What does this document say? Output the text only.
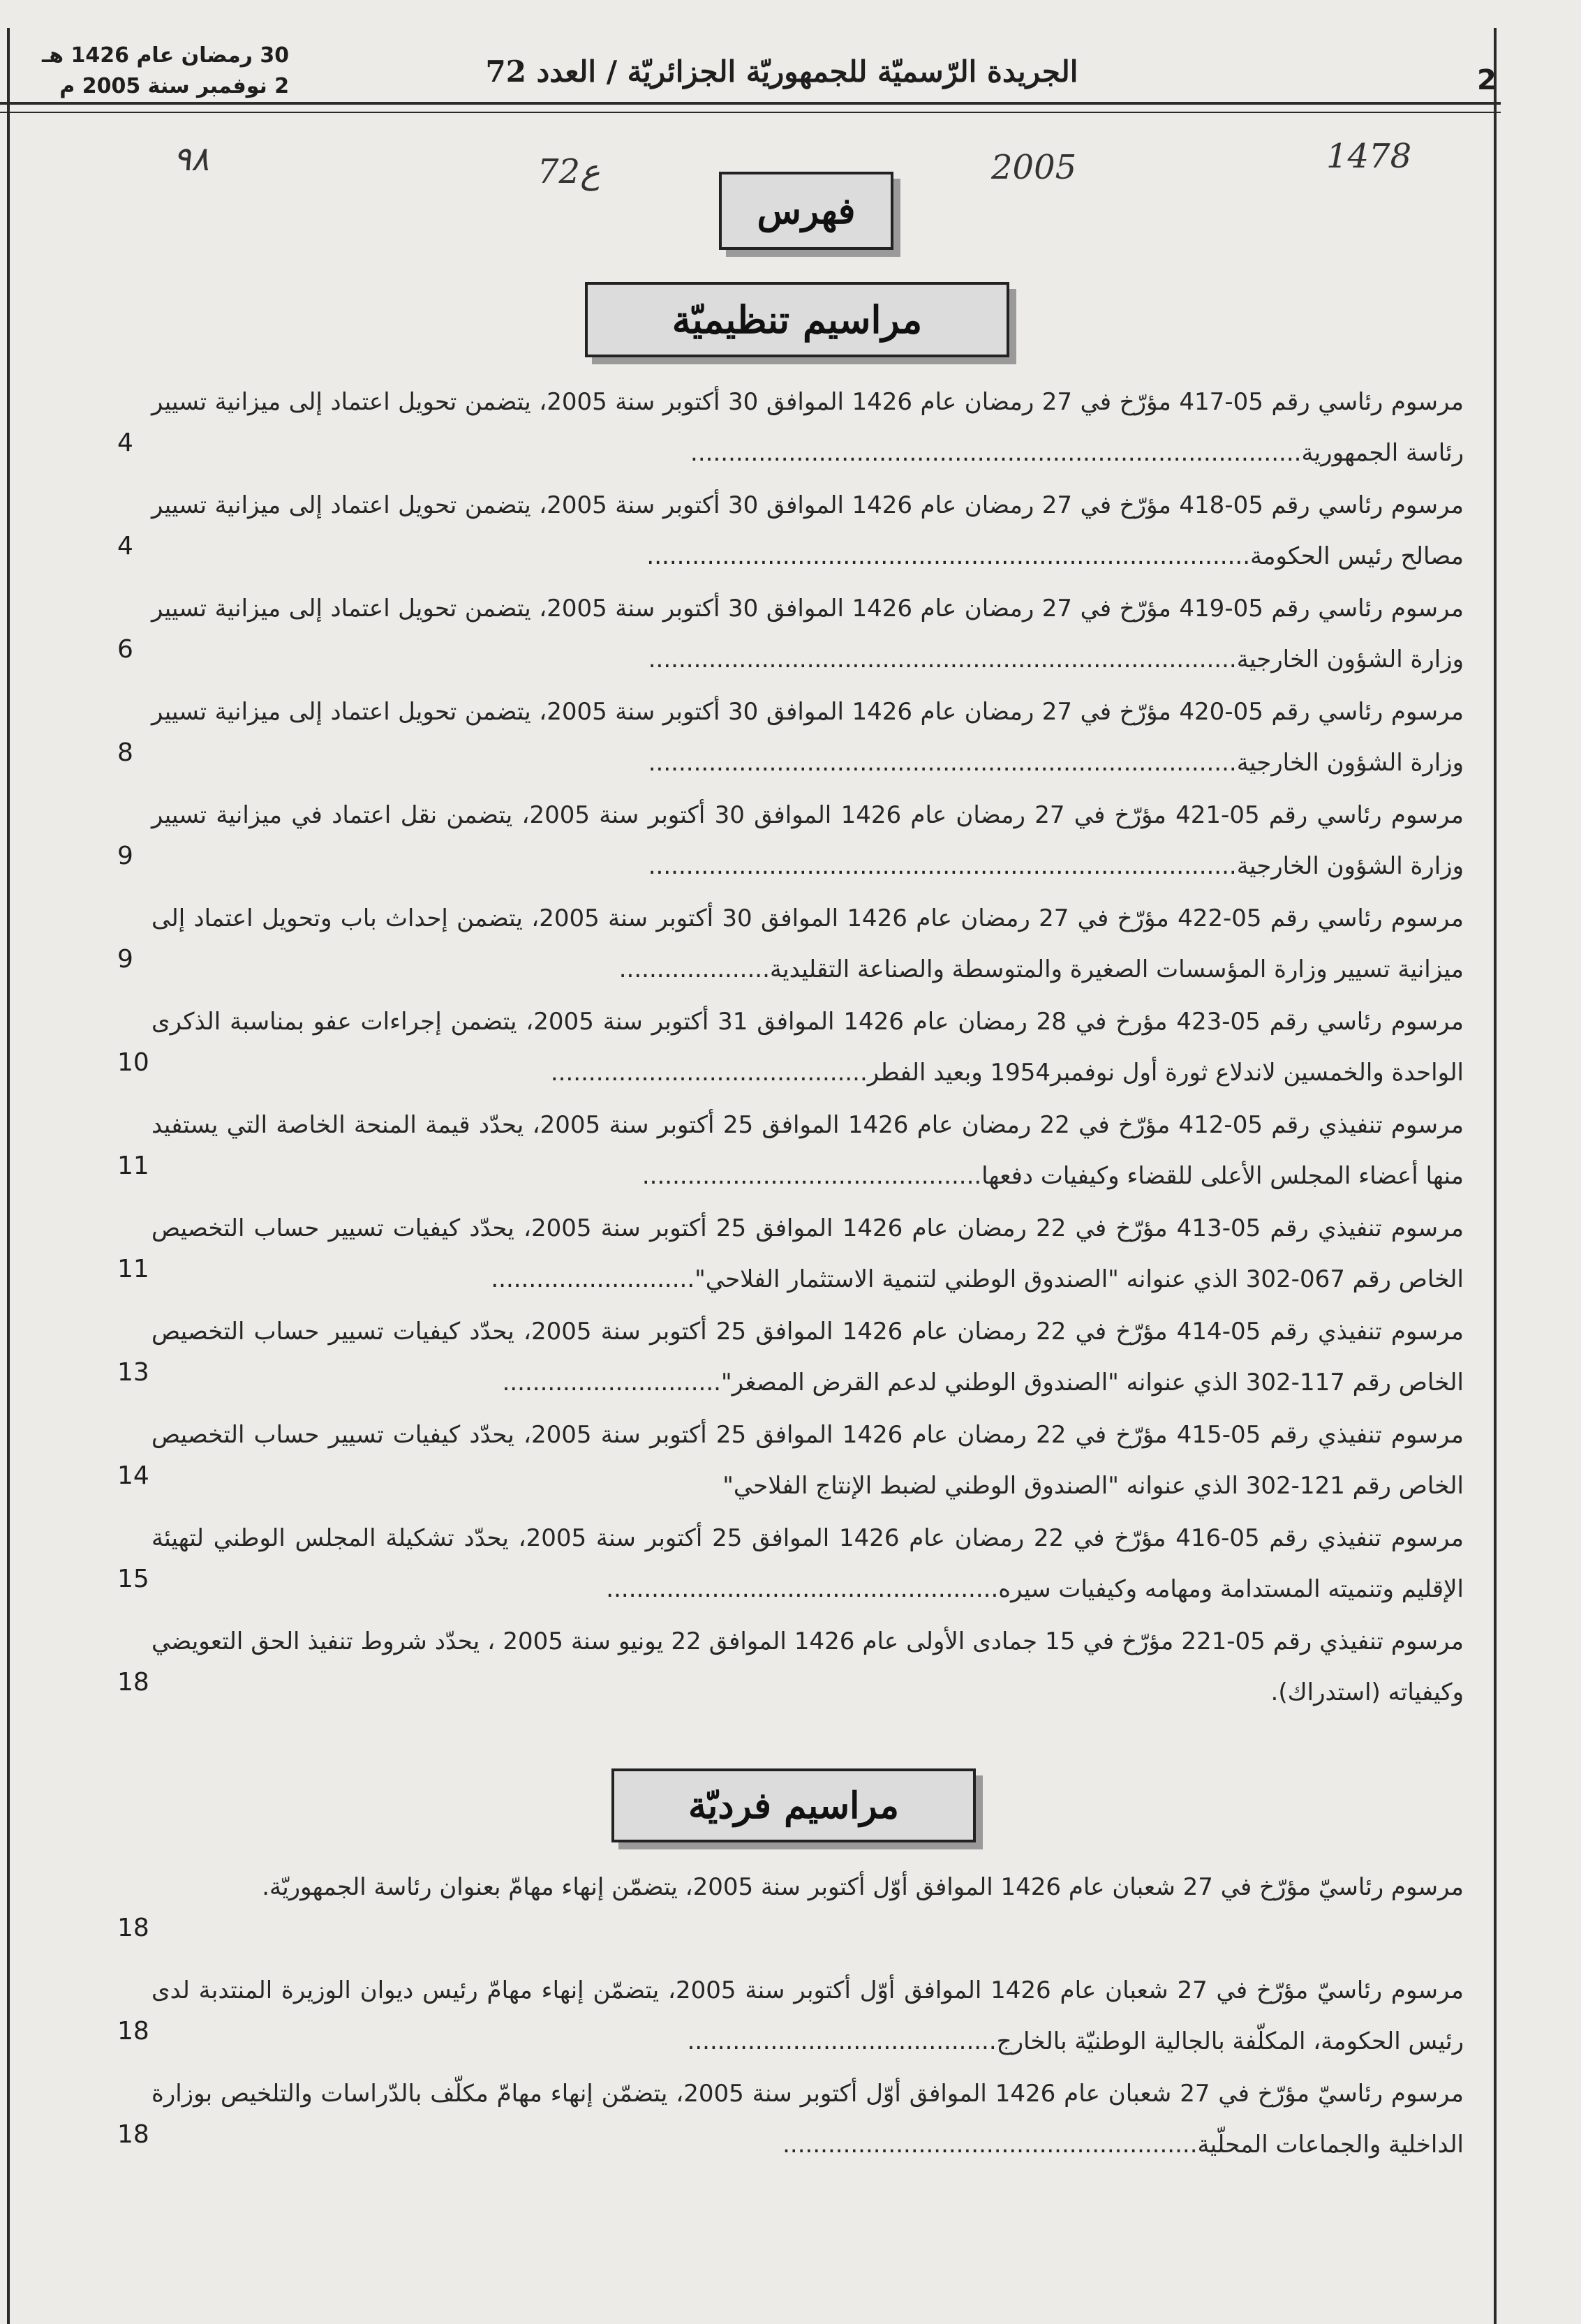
2
الجريدة الرّسميّة للجمهوريّة الجزائريّة / العدد 72
30 رمضان عام 1426 هـ
2 نوفمبر سنة 2005 م
٩٨	72ع	2005	1478
فهرس
مراسيم تنظيميّة
مرسوم رئاسي رقم 05-417 مؤرّخ في 27 رمضان عام 1426 الموافق 30 أكتوبر سنة 2005، يتضمن تحويل اعتماد إلى ميزانية تسيير رئاسة الجمهورية.................................................................................
4
مرسوم رئاسي رقم 05-418 مؤرّخ في 27 رمضان عام 1426 الموافق 30 أكتوبر سنة 2005، يتضمن تحويل اعتماد إلى ميزانية تسيير مصالح رئيس الحكومة................................................................................
4
مرسوم رئاسي رقم 05-419 مؤرّخ في 27 رمضان عام 1426 الموافق 30 أكتوبر سنة 2005، يتضمن تحويل اعتماد إلى ميزانية تسيير وزارة الشؤون الخارجية..............................................................................
6
مرسوم رئاسي رقم 05-420 مؤرّخ في 27 رمضان عام 1426 الموافق 30 أكتوبر سنة 2005، يتضمن تحويل اعتماد إلى ميزانية تسيير وزارة الشؤون الخارجية..............................................................................
8
مرسوم رئاسي رقم 05-421 مؤرّخ في 27 رمضان عام 1426 الموافق 30 أكتوبر سنة 2005، يتضمن نقل اعتماد في ميزانية تسيير وزارة الشؤون الخارجية..............................................................................
9
مرسوم رئاسي رقم 05-422 مؤرّخ في 27 رمضان عام 1426 الموافق 30 أكتوبر سنة 2005، يتضمن إحداث باب وتحويل اعتماد إلى ميزانية تسيير وزارة المؤسسات الصغيرة والمتوسطة والصناعة التقليدية....................
9
مرسوم رئاسي رقم 05-423 مؤرخ في 28 رمضان عام 1426 الموافق 31 أكتوبر سنة 2005، يتضمن إجراءات عفو بمناسبة الذكرى الواحدة والخمسين لاندلاع ثورة أول نوفمبر1954 وبعيد الفطر..........................................
10
مرسوم تنفيذي رقم 05-412 مؤرّخ في 22 رمضان عام 1426 الموافق 25 أكتوبر سنة 2005، يحدّد قيمة المنحة الخاصة التي يستفيد منها أعضاء المجلس الأعلى للقضاء وكيفيات دفعها.............................................
11
مرسوم تنفيذي رقم 05-413 مؤرّخ في 22 رمضان عام 1426 الموافق 25 أكتوبر سنة 2005، يحدّد كيفيات تسيير حساب التخصيص الخاص رقم 067-302 الذي عنوانه "الصندوق الوطني لتنمية الاستثمار الفلاحي"...........................
11
مرسوم تنفيذي رقم 05-414 مؤرّخ في 22 رمضان عام 1426 الموافق 25 أكتوبر سنة 2005، يحدّد كيفيات تسيير حساب التخصيص الخاص رقم 117-302 الذي عنوانه "الصندوق الوطني لدعم القرض المصغر".............................
13
مرسوم تنفيذي رقم 05-415 مؤرّخ في 22 رمضان عام 1426 الموافق 25 أكتوبر سنة 2005، يحدّد كيفيات تسيير حساب التخصيص الخاص رقم 121-302 الذي عنوانه "الصندوق الوطني لضبط الإنتاج الفلاحي"
14
مرسوم تنفيذي رقم 05-416 مؤرّخ في 22 رمضان عام 1426 الموافق 25 أكتوبر سنة 2005، يحدّد تشكيلة المجلس الوطني لتهيئة الإقليم وتنميته المستدامة ومهامه وكيفيات سيره....................................................
15
مرسوم تنفيذي رقم 05-221 مؤرّخ في 15 جمادى الأولى عام 1426 الموافق 22 يونيو سنة 2005 ، يحدّد شروط تنفيذ الحق التعويضي وكيفياته (استدراك).
18
مراسيم فرديّة
مرسوم رئاسيّ مؤرّخ في 27 شعبان عام 1426 الموافق أوّل أكتوبر سنة 2005، يتضمّن إنهاء مهامّ بعنوان رئاسة الجمهوريّة.
18
مرسوم رئاسيّ مؤرّخ في 27 شعبان عام 1426 الموافق أوّل أكتوبر سنة 2005، يتضمّن إنهاء مهامّ رئيس ديوان الوزيرة المنتدبة لدى رئيس الحكومة، المكلّفة بالجالية الوطنيّة بالخارج.........................................
18
مرسوم رئاسيّ مؤرّخ في 27 شعبان عام 1426 الموافق أوّل أكتوبر سنة 2005، يتضمّن إنهاء مهامّ مكلّف بالدّراسات والتلخيص بوزارة الداخلية والجماعات المحلّية.......................................................
18
